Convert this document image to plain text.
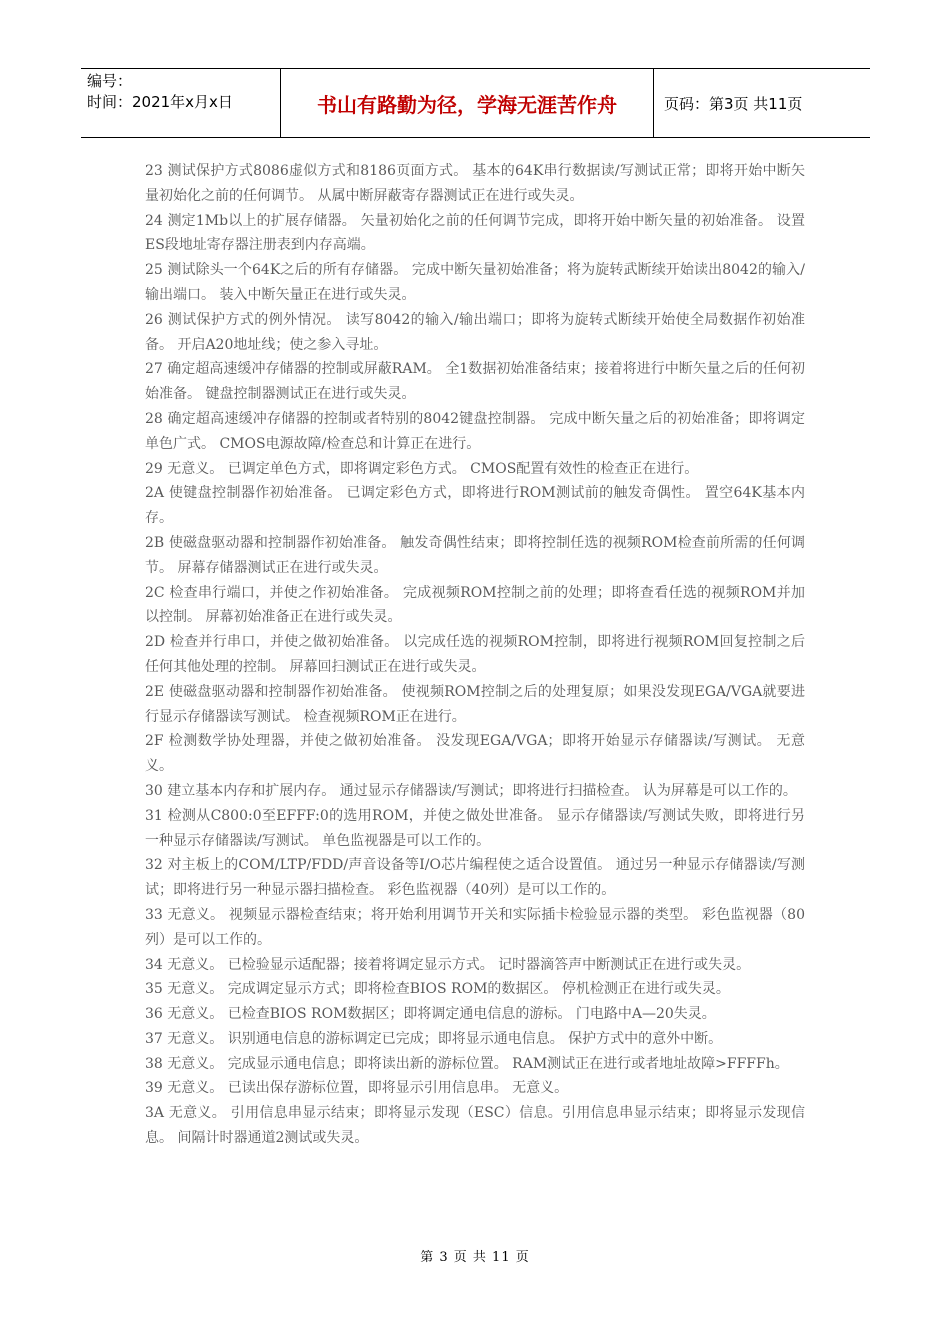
编号：
时间：2021年x月x日	书山有路勤为径，学海无涯苦作舟	页码：第3页 共11页

23 测试保护方式8086虚似方式和8186页面方式。 基本的64K串行数据读/写测试正常；即将开始中断矢量初始化之前的任何调节。 从属中断屏蔽寄存器测试正在进行或失灵。

24 测定1Mb以上的扩展存储器。 矢量初始化之前的任何调节完成，即将开始中断矢量的初始准备。 设置ES段地址寄存器注册表到内存高端。

25 测试除头一个64K之后的所有存储器。 完成中断矢量初始准备；将为旋转武断续开始读出8042的输入/输出端口。 装入中断矢量正在进行或失灵。

26 测试保护方式的例外情况。 读写8042的输入/输出端口；即将为旋转式断续开始使全局数据作初始准备。 开启A20地址线；使之参入寻址。

27 确定超高速缓冲存储器的控制或屏蔽RAM。 全1数据初始准备结束；接着将进行中断矢量之后的任何初始准备。 键盘控制器测试正在进行或失灵。

28 确定超高速缓冲存储器的控制或者特别的8042键盘控制器。 完成中断矢量之后的初始准备；即将调定单色广式。 CMOS电源故障/检查总和计算正在进行。

29 无意义。 已调定单色方式，即将调定彩色方式。 CMOS配置有效性的检查正在进行。

2A 使键盘控制器作初始准备。 已调定彩色方式，即将进行ROM测试前的触发奇偶性。 置空64K基本内存。

2B 使磁盘驱动器和控制器作初始准备。 触发奇偶性结束；即将控制任选的视频ROM检查前所需的任何调节。 屏幕存储器测试正在进行或失灵。

2C 检查串行端口，并使之作初始准备。 完成视频ROM控制之前的处理；即将查看任选的视频ROM并加以控制。 屏幕初始准备正在进行或失灵。

2D 检查并行串口，并使之做初始准备。 以完成任选的视频ROM控制，即将进行视频ROM回复控制之后任何其他处理的控制。 屏幕回扫测试正在进行或失灵。

2E 使磁盘驱动器和控制器作初始准备。 使视频ROM控制之后的处理复原；如果没发现EGA/VGA就要进行显示存储器读写测试。 检查视频ROM正在进行。

2F 检测数学协处理器，并使之做初始准备。 没发现EGA/VGA；即将开始显示存储器读/写测试。 无意义。

30 建立基本内存和扩展内存。 通过显示存储器读/写测试；即将进行扫描检查。 认为屏幕是可以工作的。

31 检测从C800:0至EFFF:0的选用ROM，并使之做处世准备。 显示存储器读/写测试失败，即将进行另一种显示存储器读/写测试。 单色监视器是可以工作的。

32 对主板上的COM/LTP/FDD/声音设备等I/O芯片编程使之适合设置值。 通过另一种显示存储器读/写测试；即将进行另一种显示器扫描检查。 彩色监视器（40列）是可以工作的。

33 无意义。 视频显示器检查结束；将开始利用调节开关和实际插卡检验显示器的类型。 彩色监视器（80列）是可以工作的。

34 无意义。 已检验显示适配器；接着将调定显示方式。 记时器滴答声中断测试正在进行或失灵。

35 无意义。 完成调定显示方式；即将检查BIOS ROM的数据区。 停机检测正在进行或失灵。

36 无意义。 已检查BIOS ROM数据区；即将调定通电信息的游标。 门电路中A—20失灵。

37 无意义。 识别通电信息的游标调定已完成；即将显示通电信息。 保护方式中的意外中断。

38 无意义。 完成显示通电信息；即将读出新的游标位置。 RAM测试正在进行或者地址故障>FFFFh。

39 无意义。 已读出保存游标位置，即将显示引用信息串。 无意义。

3A 无意义。 引用信息串显示结束；即将显示发现（ESC）信息。引用信息串显示结束；即将显示发现信息。 间隔计时器通道2测试或失灵。

第 3 页 共 11 页
